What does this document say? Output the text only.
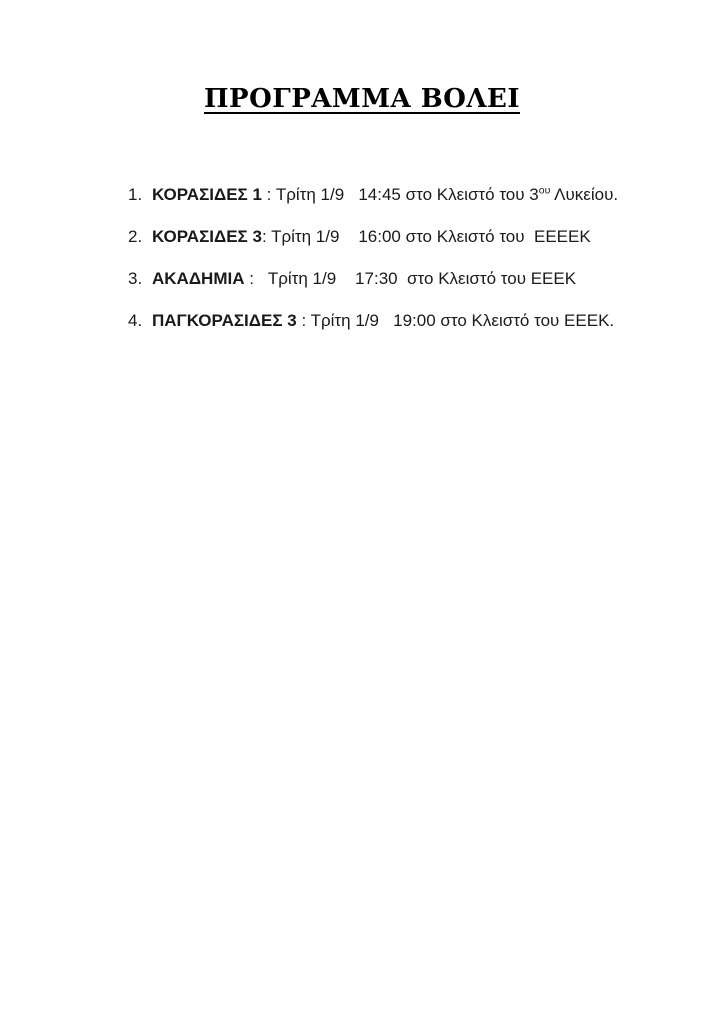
ΠΡΟΓΡΑΜΜΑ ΒΟΛΕΙ
1. ΚΟΡΑΣΙΔΕΣ 1 : Τρίτη 1/9   14:45 στο Κλειστό του $3^{o\upsilon}$ Λυκείου.
2. ΚΟΡΑΣΙΔΕΣ 3: Τρίτη 1/9    16:00 στο Κλειστό του  ΕΕΕΕΚ
3. ΑΚΑΔΗΜΙΑ :   Τρίτη 1/9    17:30  στο Κλειστό του ΕΕΕΚ
4. ΠΑΓΚΟΡΑΣΙΔΕΣ 3 : Τρίτη 1/9   19:00 στο Κλειστό του ΕΕΕΚ.
